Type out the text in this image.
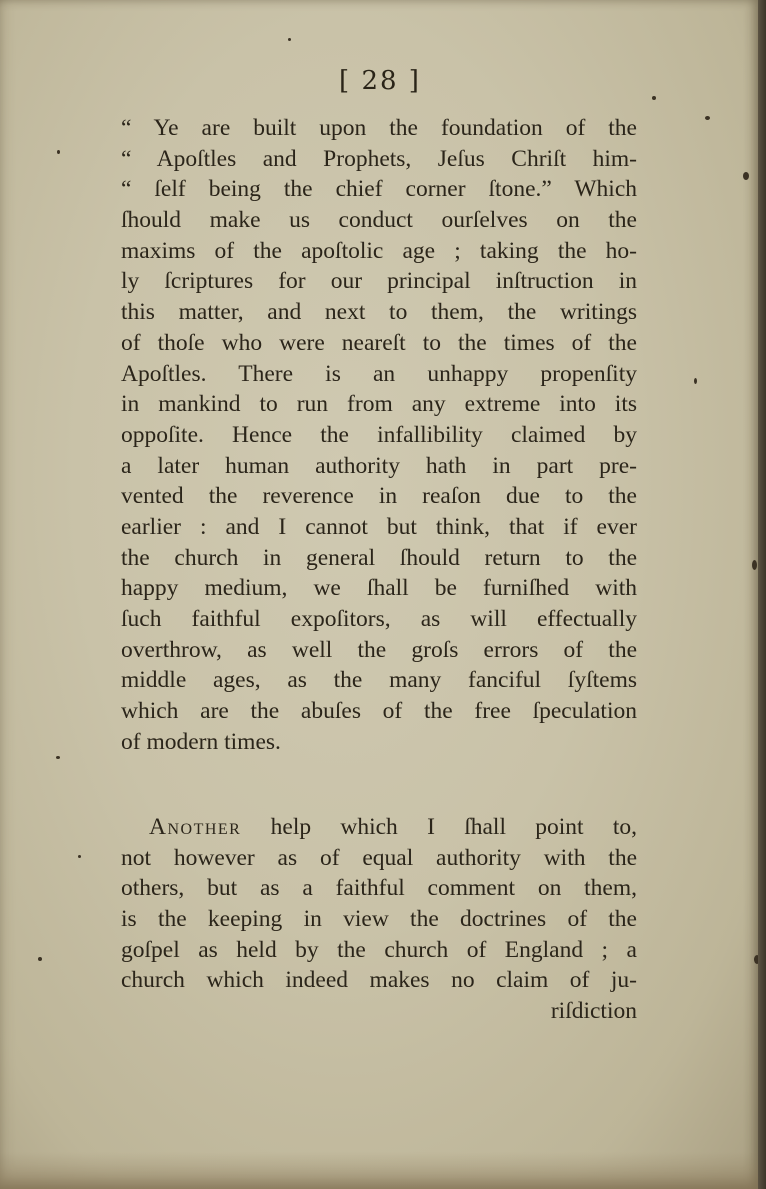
[ 28 ]
“ Ye are built upon the foundation of the
“ Apoſtles and Prophets, Jeſus Chriſt him-
“ ſelf being the chief corner ſtone.” Which
ſhould make us conduct ourſelves on the
maxims of the apoſtolic age ; taking the ho-
ly ſcriptures for our principal inſtruction in
this matter, and next to them, the writings
of thoſe who were neareſt to the times of the
Apoſtles. There is an unhappy propenſity
in mankind to run from any extreme into its
oppoſite. Hence the infallibility claimed by
a later human authority hath in part pre-
vented the reverence in reaſon due to the
earlier : and I cannot but think, that if ever
the church in general ſhould return to the
happy medium, we ſhall be furniſhed with
ſuch faithful expoſitors, as will effectually
overthrow, as well the groſs errors of the
middle ages, as the many fanciful ſyſtems
which are the abuſes of the free ſpeculation
of modern times.
Another help which I ſhall point to,
not however as of equal authority with the
others, but as a faithful comment on them,
is the keeping in view the doctrines of the
goſpel as held by the church of England ; a
church which indeed makes no claim of ju-
riſdiction
